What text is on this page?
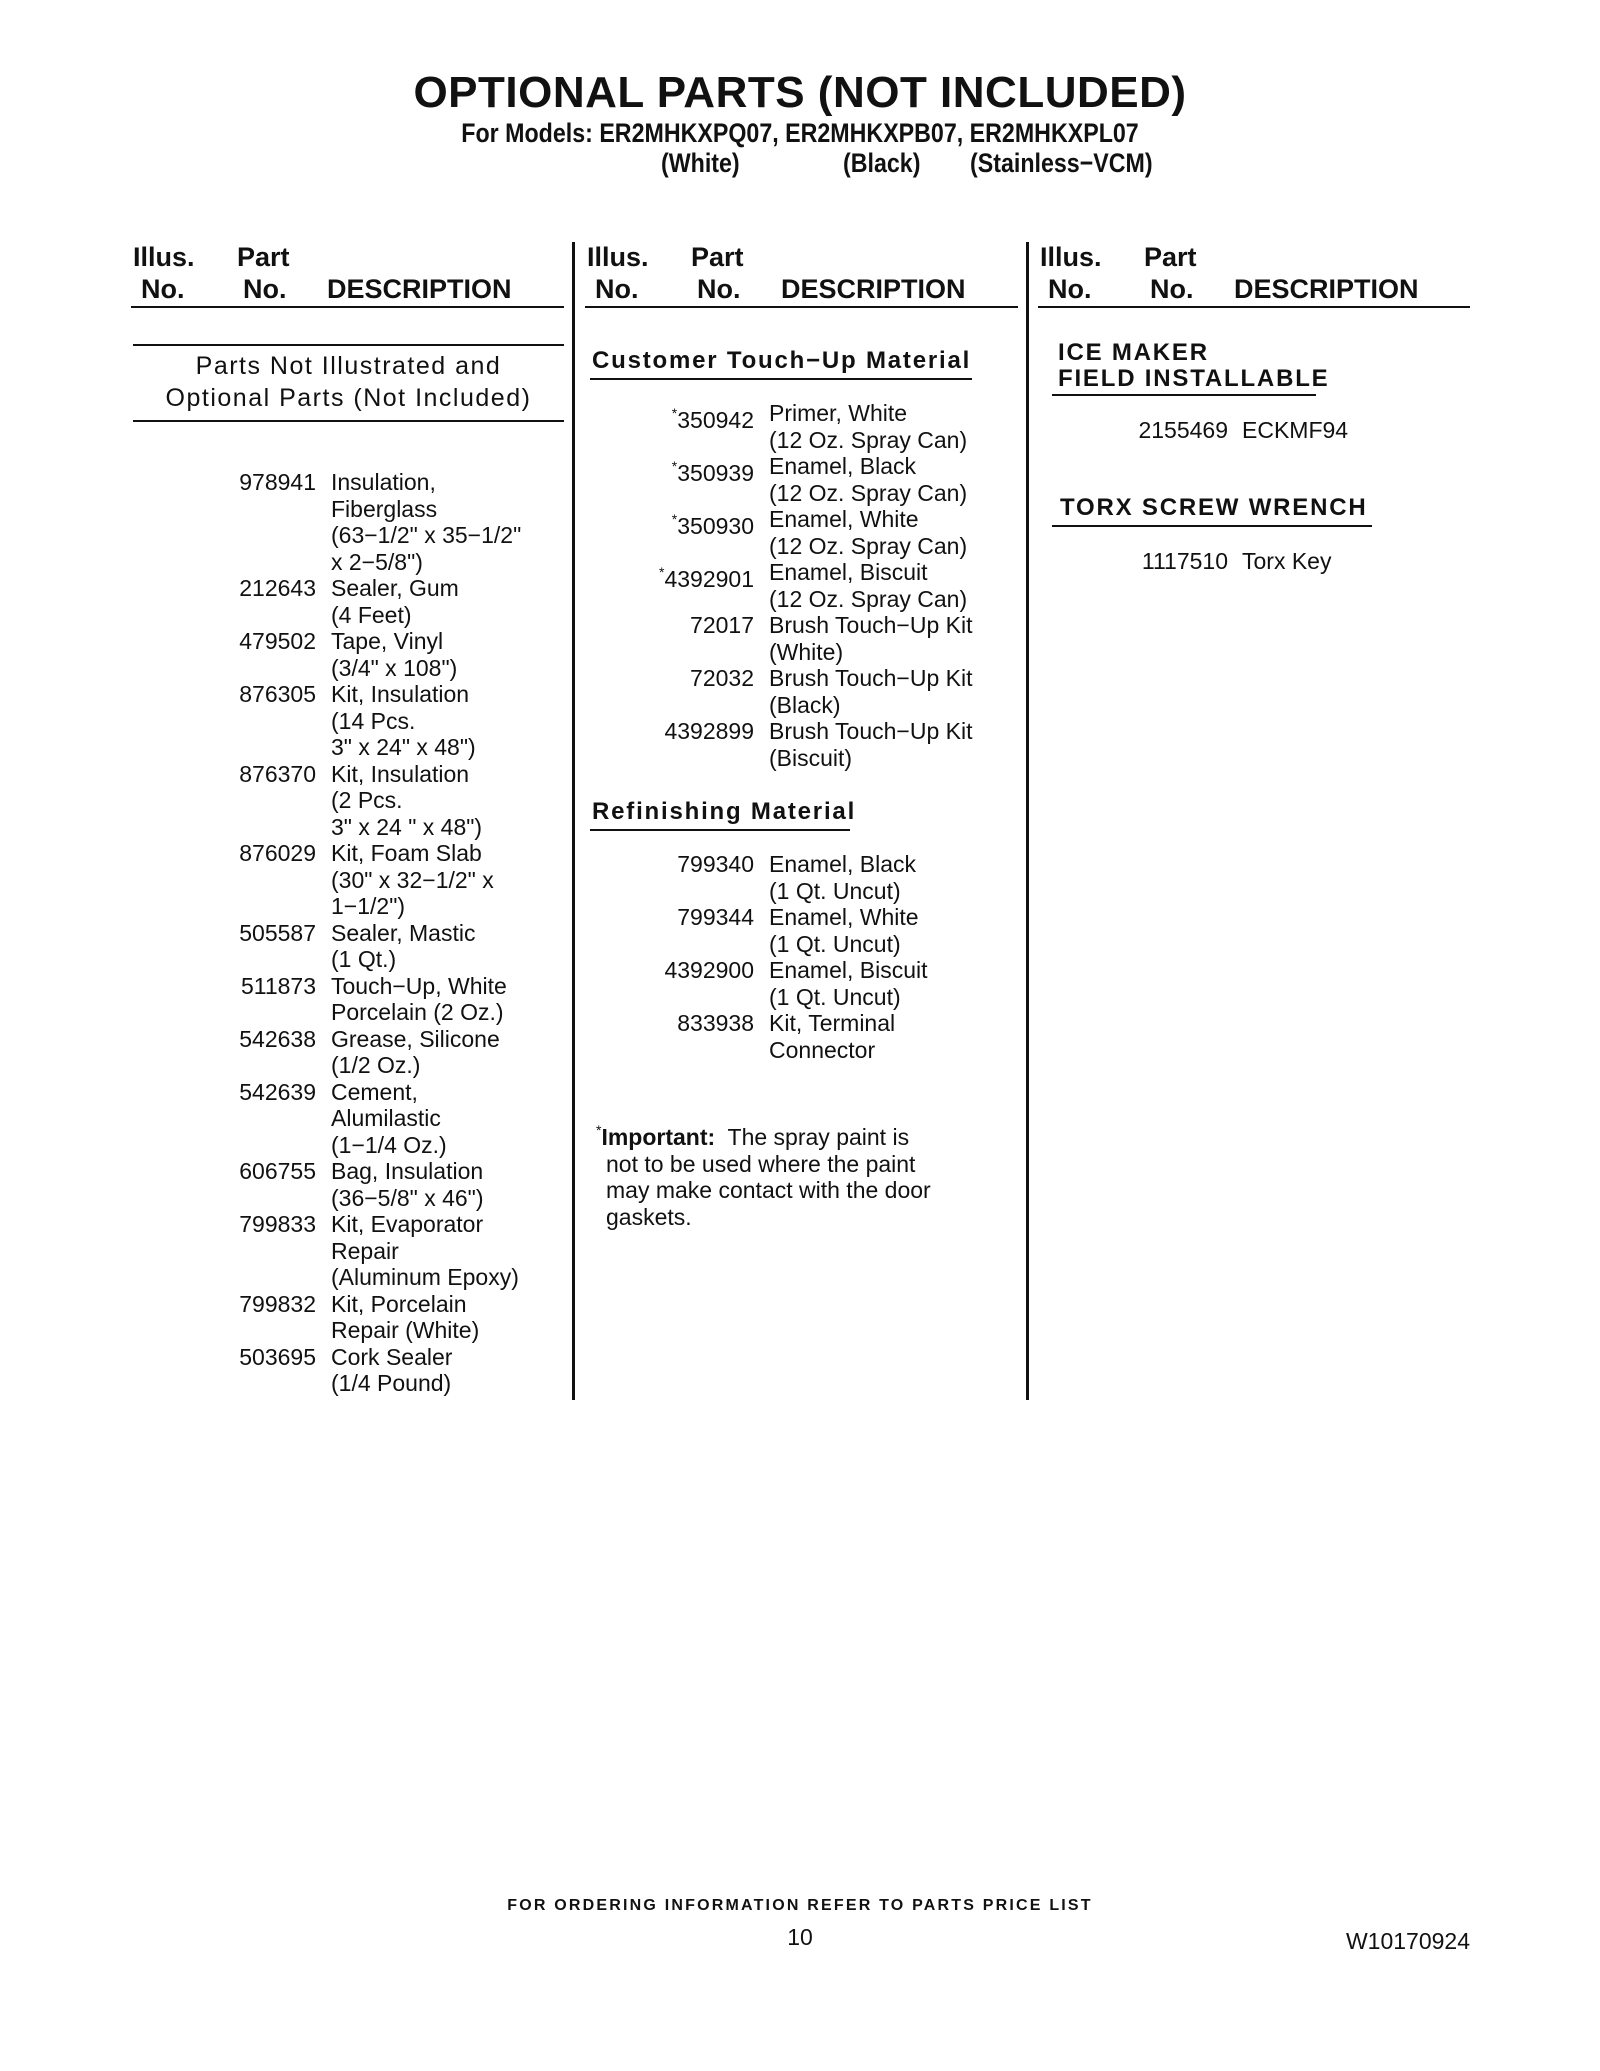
OPTIONAL PARTS (NOT INCLUDED)
For Models: ER2MHKXPQ07, ER2MHKXPB07, ER2MHKXPL07

(White)

	(Black)

(Stainless−VCM)

Illus. Part
No. No. DESCRIPTION
Illus. Part
No. No. DESCRIPTION
Illus. Part
No. No. DESCRIPTION
Parts Not Illustrated and
Optional Parts (Not Included)
978941 Insulation,
Fiberglass
(63−1/2" x 35−1/2"
x 2−5/8")
212643 Sealer, Gum
(4 Feet)
479502 Tape, Vinyl
(3/4" x 108")
876305 Kit, Insulation
(14 Pcs.
3" x 24" x 48")
876370 Kit, Insulation
(2 Pcs.
3" x 24 " x 48")
876029 Kit, Foam Slab
(30" x 32−1/2" x
1−1/2")
505587 Sealer, Mastic
(1 Qt.)
511873 Touch−Up, White
Porcelain (2 Oz.)
542638 Grease, Silicone
(1/2 Oz.)
542639 Cement,
Alumilastic
(1−1/4 Oz.)
606755 Bag, Insulation
(36−5/8" x 46")
799833 Kit, Evaporator
Repair
(Aluminum Epoxy)
799832 Kit, Porcelain
Repair (White)
503695 Cork Sealer
(1/4 Pound)
Customer Touch−Up Material
*350942 Primer, White
(12 Oz. Spray Can)
*350939 Enamel, Black
(12 Oz. Spray Can)
*350930 Enamel, White
(12 Oz. Spray Can)
*4392901 Enamel, Biscuit
(12 Oz. Spray Can)
72017 Brush Touch−Up Kit
(White)
72032 Brush Touch−Up Kit
(Black)
4392899 Brush Touch−Up Kit
(Biscuit)
Refinishing Material
799340 Enamel, Black
(1 Qt. Uncut)
799344 Enamel, White
(1 Qt. Uncut)
4392900 Enamel, Biscuit
(1 Qt. Uncut)
833938 Kit, Terminal
Connector
*Important:  The spray paint is
not to be used where the paint
may make contact with the door
gaskets.
ICE MAKER
FIELD INSTALLABLE
2155469 ECKMF94
TORX SCREW WRENCH
1117510 Torx Key
FOR ORDERING INFORMATION REFER TO PARTS PRICE LIST
10	W10170924
